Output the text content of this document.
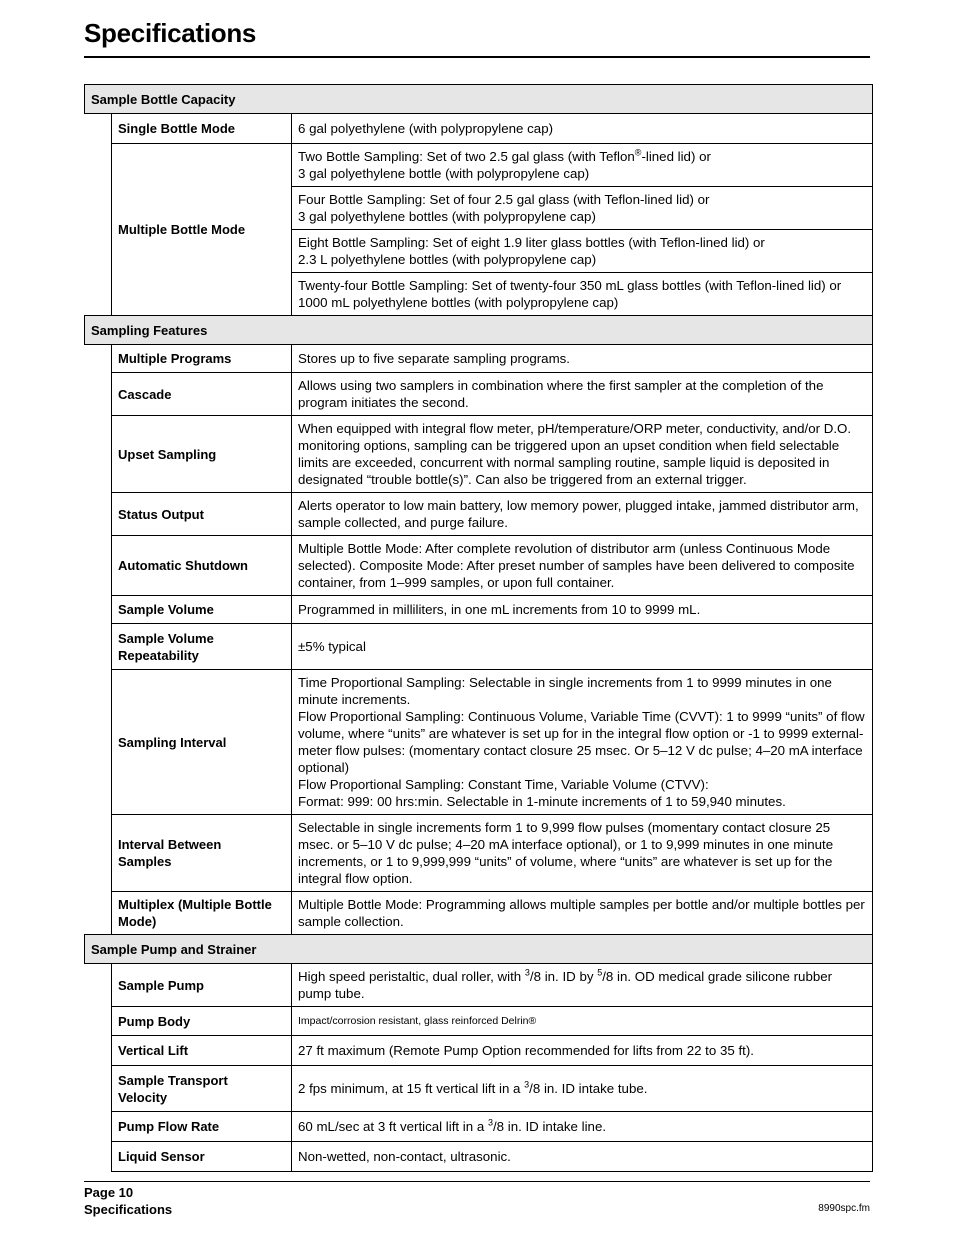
Specifications
Sample Bottle Capacity		
	Single Bottle Mode	6 gal polyethylene (with polypropylene cap)
	Multiple Bottle Mode	Two Bottle Sampling: Set of two 2.5 gal glass (with Teflon®-lined lid) or
3 gal polyethylene bottle (with polypropylene cap)

		Four Bottle Sampling: Set of four 2.5 gal glass (with Teflon-lined lid) or
3 gal polyethylene bottles (with polypropylene cap)

		Eight Bottle Sampling: Set of eight 1.9 liter glass bottles (with Teflon-lined lid) or
2.3 L polyethylene bottles (with polypropylene cap)

		Twenty-four Bottle Sampling: Set of twenty-four 350 mL glass bottles (with Teflon-lined lid) or
1000 mL polyethylene bottles (with polypropylene cap)

Sampling Features		
	Multiple Programs	Stores up to five separate sampling programs.
	Cascade	Allows using two samplers in combination where the first sampler at the completion of the program initiates the second.
	Upset Sampling	When equipped with integral flow meter, pH/temperature/ORP meter, conductivity, and/or D.O. monitoring options, sampling can be triggered upon an upset condition when field selectable limits are exceeded, concurrent with normal sampling routine, sample liquid is deposited in designated “trouble bottle(s)”. Can also be triggered from an external trigger.
	Status Output	Alerts operator to low main battery, low memory power, plugged intake, jammed distributor arm, sample collected, and purge failure.
	Automatic Shutdown	Multiple Bottle Mode: After complete revolution of distributor arm (unless Continuous Mode selected). Composite Mode: After preset number of samples have been delivered to composite container, from 1–999 samples, or upon full container.
	Sample Volume	Programmed in milliliters, in one mL increments from 10 to 9999 mL.

	Sample Volume
Repeatability	±5% typical
	Sampling Interval	Time Proportional Sampling: Selectable in single increments from 1 to 9999 minutes in one minute increments.
Flow Proportional Sampling: Continuous Volume, Variable Time (CVVT): 1 to 9999 “units” of flow volume, where “units” are whatever is set up for in the integral flow option or -1 to 9999 external-meter flow pulses: (momentary contact closure 25 msec. Or 5–12 V dc pulse; 4–20 mA interface optional)
Flow Proportional Sampling: Constant Time, Variable Volume (CTVV):
Format: 999: 00 hrs:min. Selectable in 1-minute increments of 1 to 59,940 minutes.

	Interval Between
Samples	Selectable in single increments form 1 to 9,999 flow pulses (momentary contact closure 25 msec. or 5–10 V dc pulse; 4–20 mA interface optional), or 1 to 9,999 minutes in one minute increments, or 1 to 9,999,999 “units” of volume, where “units” are whatever is set up for the integral flow option.
	Multiplex (Multiple Bottle Mode)	Multiple Bottle Mode: Programming allows multiple samples per bottle and/or multiple bottles per sample collection.
Sample Pump and Strainer		
	Sample Pump	High speed peristaltic, dual roller, with $^3$/8 in. ID by $^5$/8 in. OD medical grade silicone rubber pump tube.
	Pump Body	Impact/corrosion resistant, glass reinforced Delrin®
	Vertical Lift	27 ft maximum (Remote Pump Option recommended for lifts from 22 to 35 ft).

	Sample Transport
Velocity	2 fps minimum, at 15 ft vertical lift in a $^3$/8 in. ID intake tube.
	Pump Flow Rate	60 mL/sec at 3 ft vertical lift in a $^3$/8 in. ID intake line.
	Liquid Sensor	Non-wetted, non-contact, ultrasonic.
Page 10
Specifications	8990spc.fm
